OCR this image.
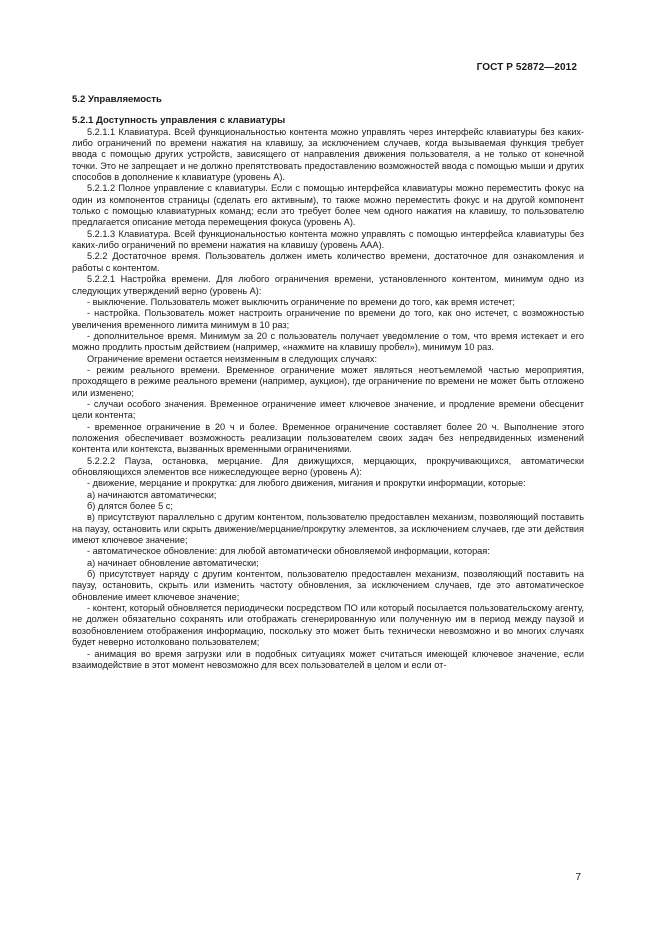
ГОСТ Р 52872—2012

5.2 Управляемость

5.2.1 Доступность управления с клавиатуры

5.2.1.1 Клавиатура. Всей функциональностью контента можно управлять через интерфейс клавиатуры без каких-либо ограничений по времени нажатия на клавишу, за исключением случаев, когда вызываемая функция требует ввода с помощью других устройств, зависящего от направления движения пользователя, а не только от конечной точки. Это не запрещает и не должно препятствовать предоставлению возможностей ввода с помощью мыши и других способов в дополнение к клавиатуре (уровень А).

5.2.1.2 Полное управление с клавиатуры. Если с помощью интерфейса клавиатуры можно переместить фокус на один из компонентов страницы (сделать его активным), то также можно переместить фокус и на другой компонент только с помощью клавиатурных команд; если это требует более чем одного нажатия на клавишу, то пользователю предлагается описание метода перемещения фокуса (уровень А).

5.2.1.3 Клавиатура. Всей функциональностью контента можно управлять с помощью интерфейса клавиатуры без каких-либо ограничений по времени нажатия на клавишу (уровень AAA).

5.2.2 Достаточное время. Пользователь должен иметь количество времени, достаточное для ознакомления и работы с контентом.

5.2.2.1 Настройка времени. Для любого ограничения времени, установленного контентом, минимум одно из следующих утверждений верно (уровень А):

- выключение. Пользователь может выключить ограничение по времени до того, как время истечет;

- настройка. Пользователь может настроить ограничение по времени до того, как оно истечет, с возможностью увеличения временного лимита минимум в 10 раз;

- дополнительное время. Минимум за 20 с пользователь получает уведомление о том, что время истекает и его можно продлить простым действием (например, «нажмите на клавишу пробел»), минимум 10 раз.

Ограничение времени остается неизменным в следующих случаях:

- режим реального времени. Временное ограничение может являться неотъемлемой частью мероприятия, проходящего в режиме реального времени (например, аукцион), где ограничение по времени не может быть отложено или изменено;

- случаи особого значения. Временное ограничение имеет ключевое значение, и продление времени обесценит цели контента;

- временное ограничение в 20 ч и более. Временное ограничение составляет более 20 ч. Выполнение этого положения обеспечивает возможность реализации пользователем своих задач без непредвиденных изменений контента или контекста, вызванных временными ограничениями.

5.2.2.2 Пауза, остановка, мерцание. Для движущихся, мерцающих, прокручивающихся, автоматически обновляющихся элементов все нижеследующее верно (уровень А):

- движение, мерцание и прокрутка: для любого движения, мигания и прокрутки информации, которые:

а) начинаются автоматически;

б) длятся более 5 с;

в) присутствуют параллельно с другим контентом, пользователю предоставлен механизм, позволяющий поставить на паузу, остановить или скрыть движение/мерцание/прокрутку элементов, за исключением случаев, где эти действия имеют ключевое значение;

- автоматическое обновление: для любой автоматически обновляемой информации, которая:

а) начинает обновление автоматически;

б) присутствует наряду с другим контентом, пользователю предоставлен механизм, позволяющий поставить на паузу, остановить, скрыть или изменить частоту обновления, за исключением случаев, где это автоматическое обновление имеет ключевое значение;

- контент, который обновляется периодически посредством ПО или который посылается пользовательскому агенту, не должен обязательно сохранять или отображать сгенерированную или полученную им в период между паузой и возобновлением отображения информацию, поскольку это может быть технически невозможно и во многих случаях будет неверно истолковано пользователем;

- анимация во время загрузки или в подобных ситуациях может считаться имеющей ключевое значение, если взаимодействие в этот момент невозможно для всех пользователей в целом и если от-

7
